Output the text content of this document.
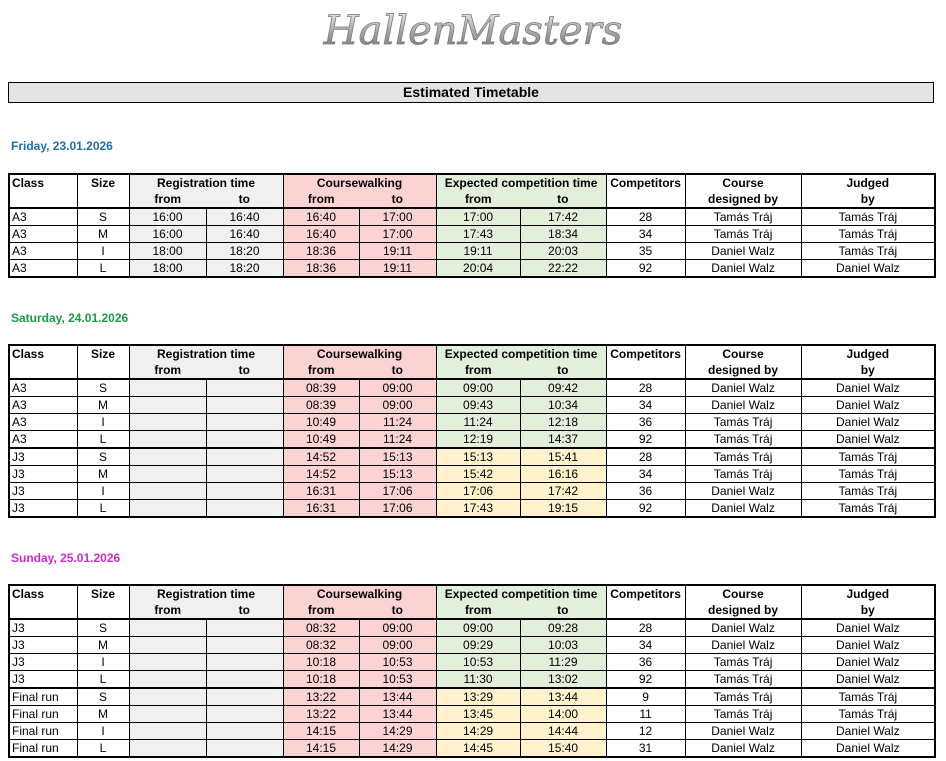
HallenMasters
Estimated Timetable
Friday, 23.01.2026
Saturday, 24.01.2026
Sunday, 25.01.2026
Class	Size	Registration time		Coursewalking		Expected competition time		Competitors	Course	Judged
		from	to	from	to	from	to		designed by	by
A3	S	16:00	16:40	16:40	17:00	17:00	17:42	28	Tamás Tráj	Tamás Tráj
A3	M	16:00	16:40	16:40	17:00	17:43	18:34	34	Tamás Tráj	Tamás Tráj
A3	I	18:00	18:20	18:36	19:11	19:11	20:03	35	Daniel Walz	Tamás Tráj
A3	L	18:00	18:20	18:36	19:11	20:04	22:22	92	Daniel Walz	Daniel Walz
Class	Size	Registration time		Coursewalking		Expected competition time		Competitors	Course	Judged
		from	to	from	to	from	to		designed by	by
A3	S			08:39	09:00	09:00	09:42	28	Daniel Walz	Daniel Walz
A3	M			08:39	09:00	09:43	10:34	34	Daniel Walz	Daniel Walz
A3	I			10:49	11:24	11:24	12:18	36	Tamás Tráj	Daniel Walz
A3	L			10:49	11:24	12:19	14:37	92	Tamás Tráj	Daniel Walz
J3	S			14:52	15:13	15:13	15:41	28	Tamás Tráj	Tamás Tráj
J3	M			14:52	15:13	15:42	16:16	34	Tamás Tráj	Tamás Tráj
J3	I			16:31	17:06	17:06	17:42	36	Daniel Walz	Tamás Tráj
J3	L			16:31	17:06	17:43	19:15	92	Daniel Walz	Tamás Tráj
Class	Size	Registration time		Coursewalking		Expected competition time		Competitors	Course	Judged
		from	to	from	to	from	to		designed by	by
J3	S			08:32	09:00	09:00	09:28	28	Daniel Walz	Daniel Walz
J3	M			08:32	09:00	09:29	10:03	34	Daniel Walz	Daniel Walz
J3	I			10:18	10:53	10:53	11:29	36	Tamás Tráj	Daniel Walz
J3	L			10:18	10:53	11:30	13:02	92	Tamás Tráj	Daniel Walz
Final run	S			13:22	13:44	13:29	13:44	9	Tamás Tráj	Tamás Tráj
Final run	M			13:22	13:44	13:45	14:00	11	Tamás Tráj	Tamás Tráj
Final run	I			14:15	14:29	14:29	14:44	12	Daniel Walz	Daniel Walz
Final run	L			14:15	14:29	14:45	15:40	31	Daniel Walz	Daniel Walz
